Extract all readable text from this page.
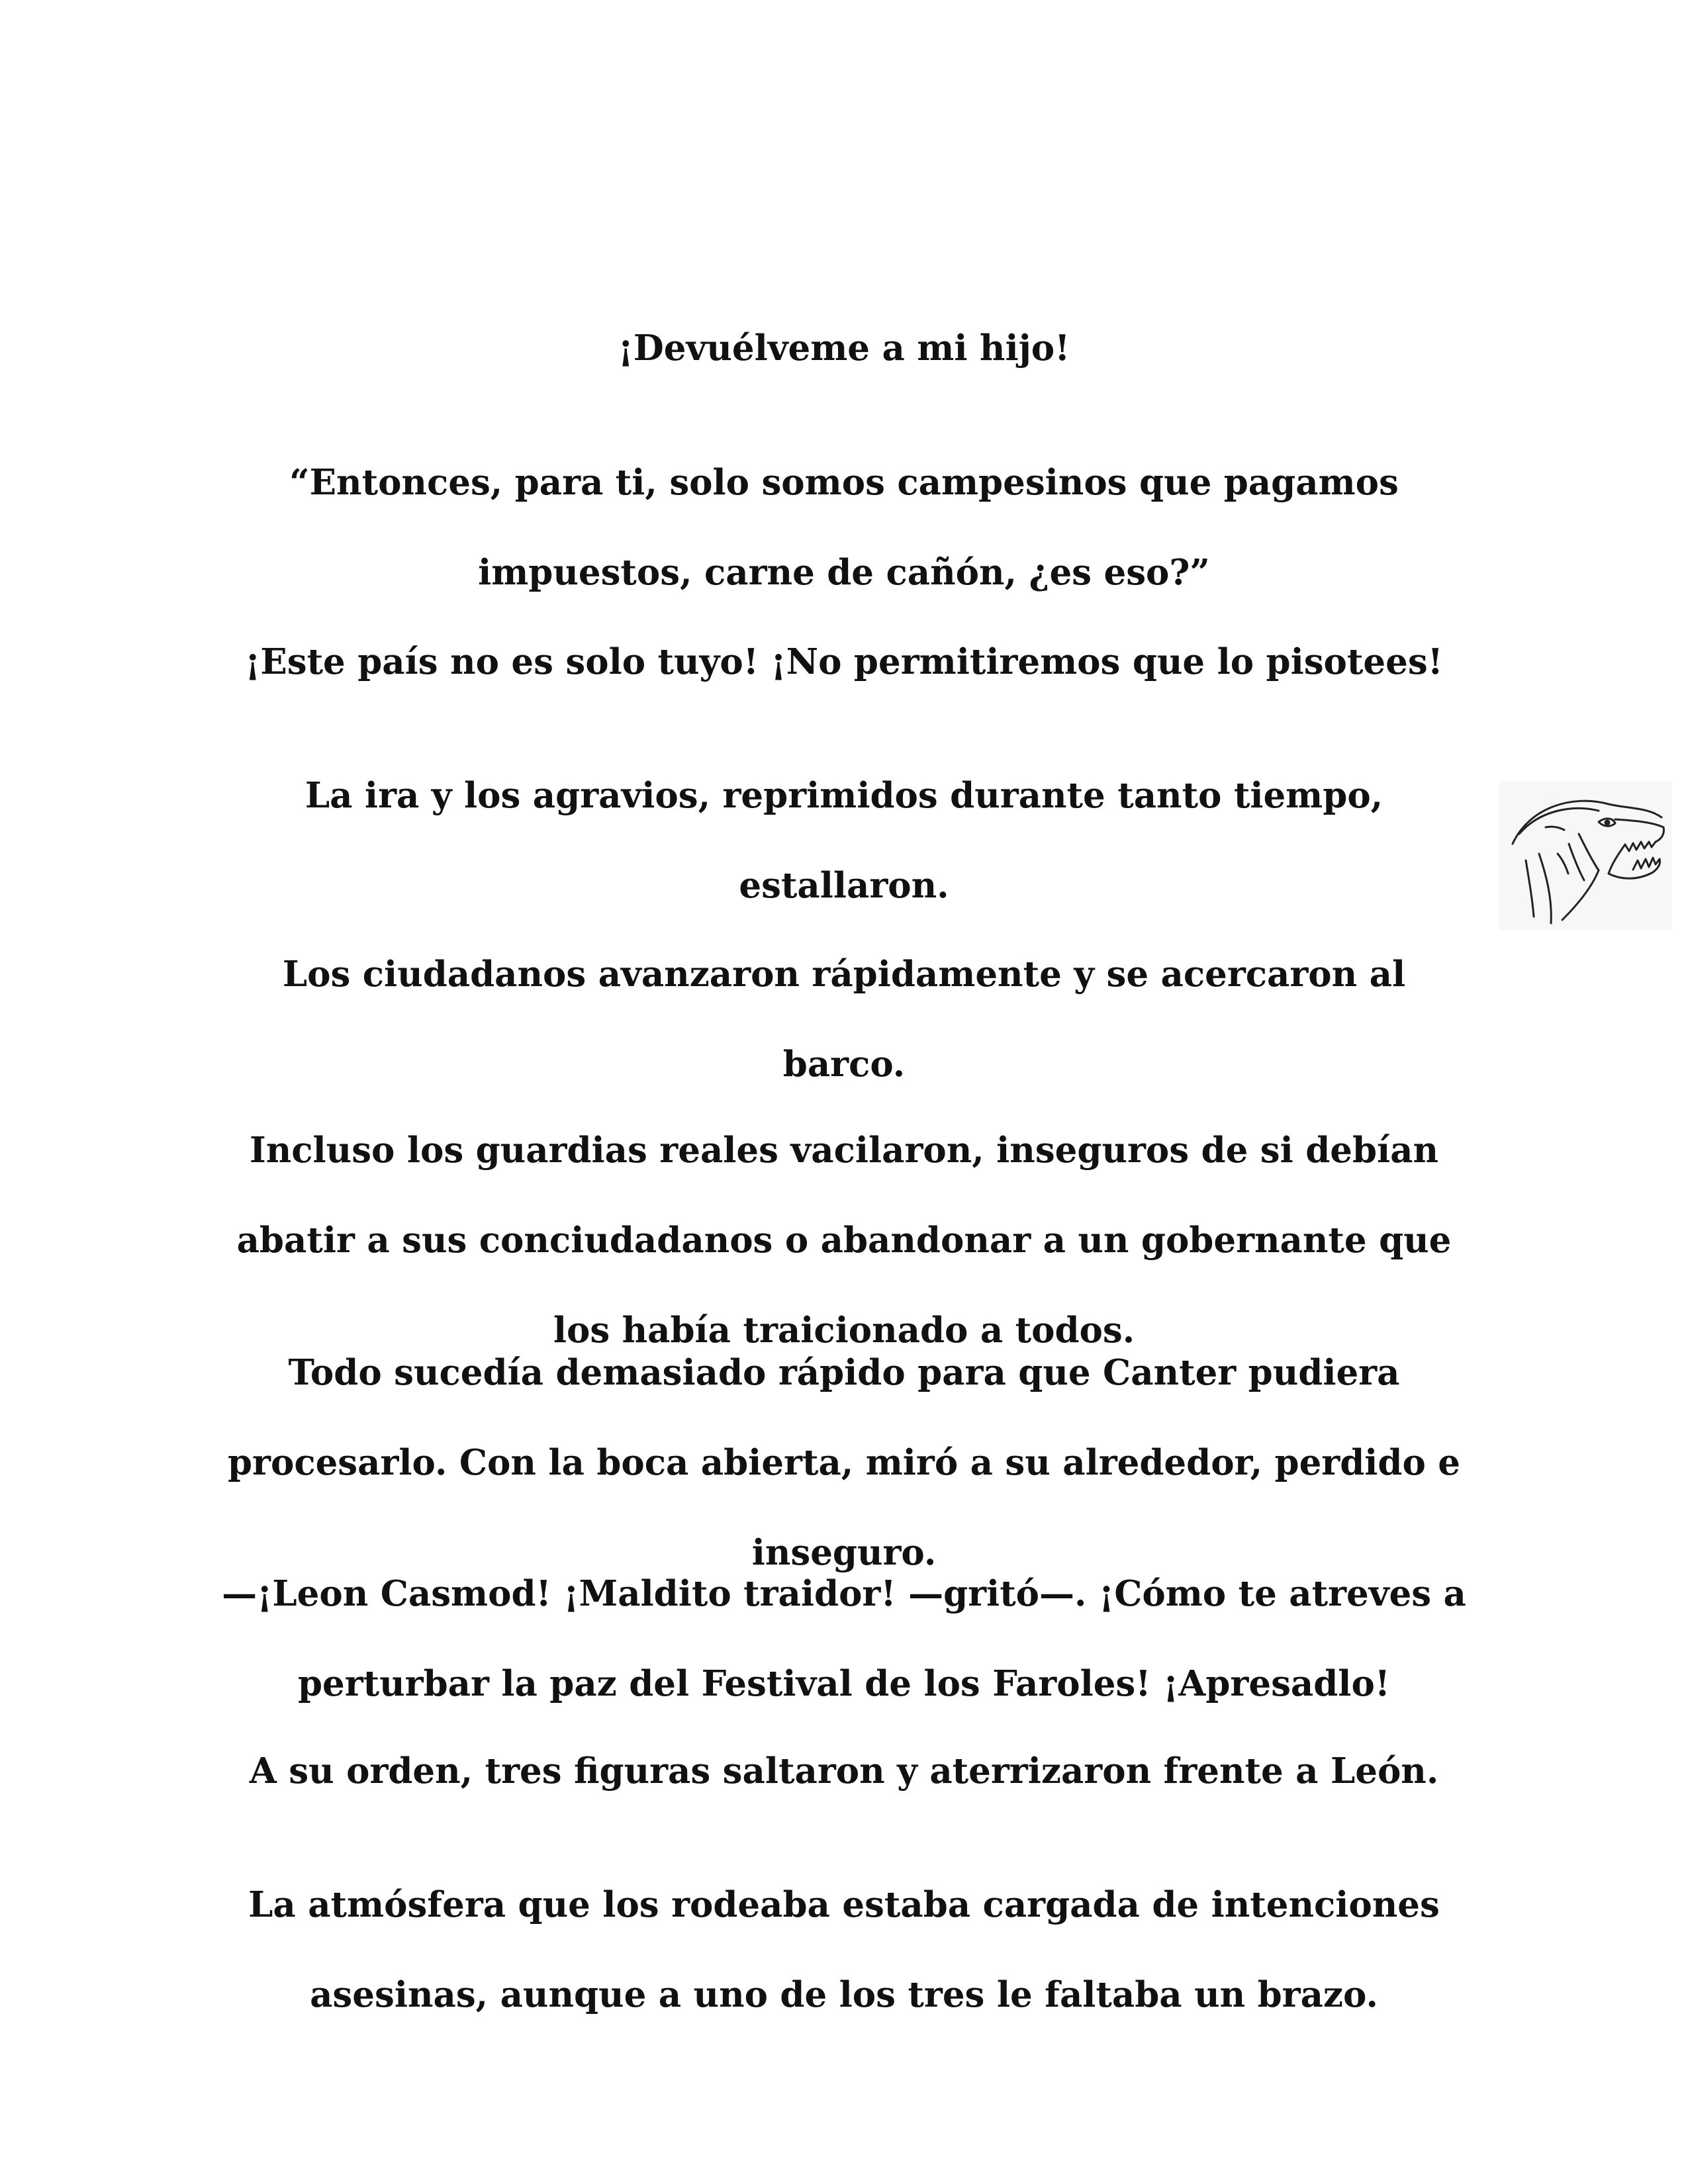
¡Devuélveme a mi hijo!

“Entonces, para ti, solo somos campesinos que pagamos

impuestos, carne de cañón, ¿es eso?”

¡Este país no es solo tuyo! ¡No permitiremos que lo pisotees!

La ira y los agravios, reprimidos durante tanto tiempo,

estallaron.

Los ciudadanos avanzaron rápidamente y se acercaron al

barco.

Incluso los guardias reales vacilaron, inseguros de si debían

abatir a sus conciudadanos o abandonar a un gobernante que

los había traicionado a todos.

Todo sucedía demasiado rápido para que Canter pudiera

procesarlo. Con la boca abierta, miró a su alrededor, perdido e

inseguro.

—¡Leon Casmod! ¡Maldito traidor! —gritó—. ¡Cómo te atreves a

perturbar la paz del Festival de los Faroles! ¡Apresadlo!

A su orden, tres figuras saltaron y aterrizaron frente a León.

La atmósfera que los rodeaba estaba cargada de intenciones

asesinas, aunque a uno de los tres le faltaba un brazo.
